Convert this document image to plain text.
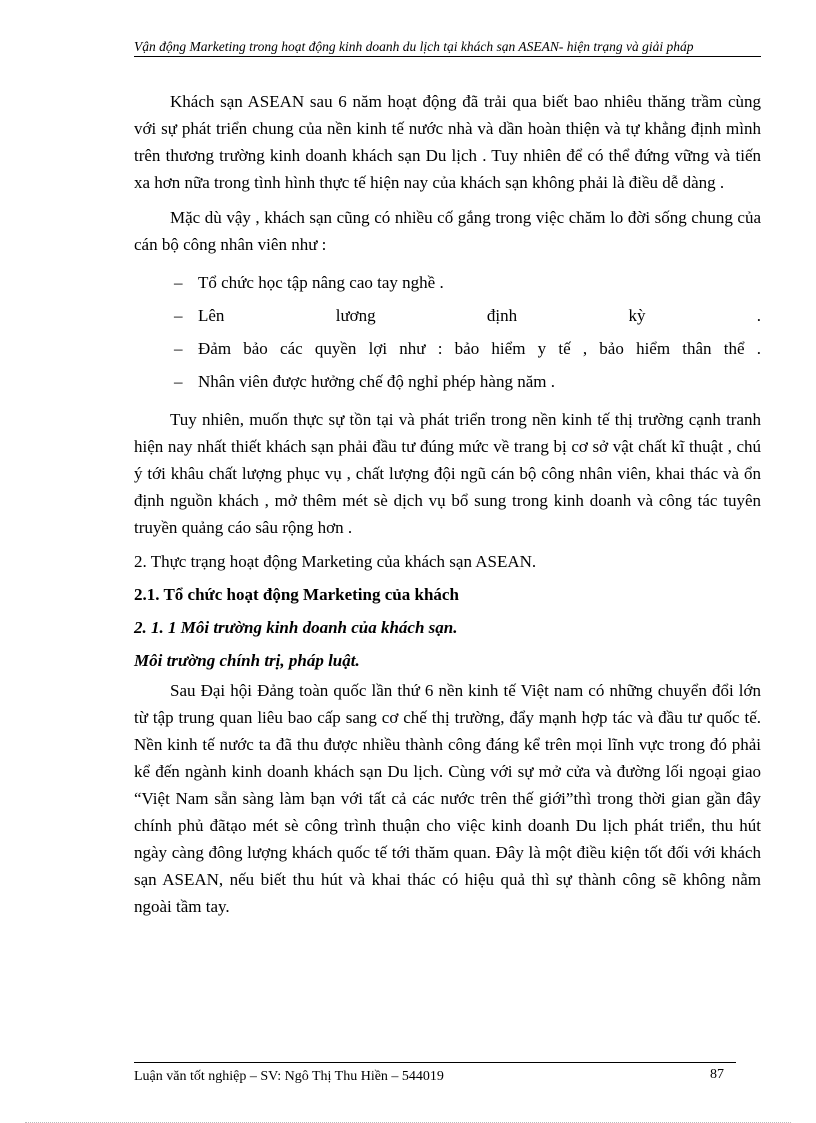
Vận động Marketing trong hoạt động kinh doanh du lịch tại khách sạn ASEAN- hiện trạng và giải pháp

Khách sạn ASEAN sau 6 năm hoạt động đã trải qua biết bao nhiêu thăng trầm cùng với sự phát triển chung của nền kinh tế nước nhà và dần hoàn thiện và tự khẳng định mình trên thương trường kinh doanh khách sạn Du lịch . Tuy nhiên để có thể đứng vững và tiến xa hơn nữa trong tình hình thực tế hiện nay của khách sạn không phải là điều dễ dàng .

Mặc dù vậy , khách sạn cũng có nhiều cố gắng trong việc chăm lo đời sống chung của cán bộ công nhân viên như :

– Tổ chức học tập nâng cao tay nghề .
– Lên lương định kỳ .
– Đảm bảo các quyền lợi như : bảo hiểm y tế , bảo hiểm thân thể .
– Nhân viên được hưởng chế độ nghỉ phép hàng năm .

Tuy nhiên, muốn thực sự tồn tại và phát triển trong nền kinh tế thị trường cạnh tranh hiện nay nhất thiết khách sạn phải đầu tư đúng mức về trang bị cơ sở vật chất kĩ thuật , chú ý tới khâu chất lượng phục vụ , chất lượng đội ngũ cán bộ công nhân viên, khai thác và ổn định nguồn khách , mở thêm mét sè dịch vụ bổ sung trong kinh doanh và công tác tuyên truyền quảng cáo sâu rộng hơn .

2. Thực trạng hoạt động Marketing của khách sạn ASEAN.

2.1. Tổ chức hoạt động Marketing của khách

2. 1. 1 Môi trường kinh doanh của khách sạn.

Môi trường chính trị, pháp luật.

Sau Đại hội Đảng toàn quốc lần thứ 6 nền kinh tế Việt nam có những chuyển đổi lớn từ tập trung quan liêu bao cấp sang cơ chế thị trường, đẩy mạnh hợp tác và đầu tư quốc tế. Nền kinh tế nước ta đã thu được nhiều thành công đáng kể trên mọi lĩnh vực trong đó phải kể đến ngành kinh doanh khách sạn Du lịch. Cùng với sự mở cửa và đường lối ngoại giao “Việt Nam sẵn sàng làm bạn với tất cả các nước trên thế giới”thì trong thời gian gần đây chính phủ đãtạo mét sè công trình thuận cho việc kinh doanh Du lịch phát triển, thu hút ngày càng đông lượng khách quốc tế tới thăm quan. Đây là một điều kiện tốt đối với khách sạn ASEAN, nếu biết thu hút và khai thác có hiệu quả thì sự thành công sẽ không nằm ngoài tầm tay.

Luận văn tốt nghiệp – SV: Ngô Thị Thu Hiền – 544019	87
